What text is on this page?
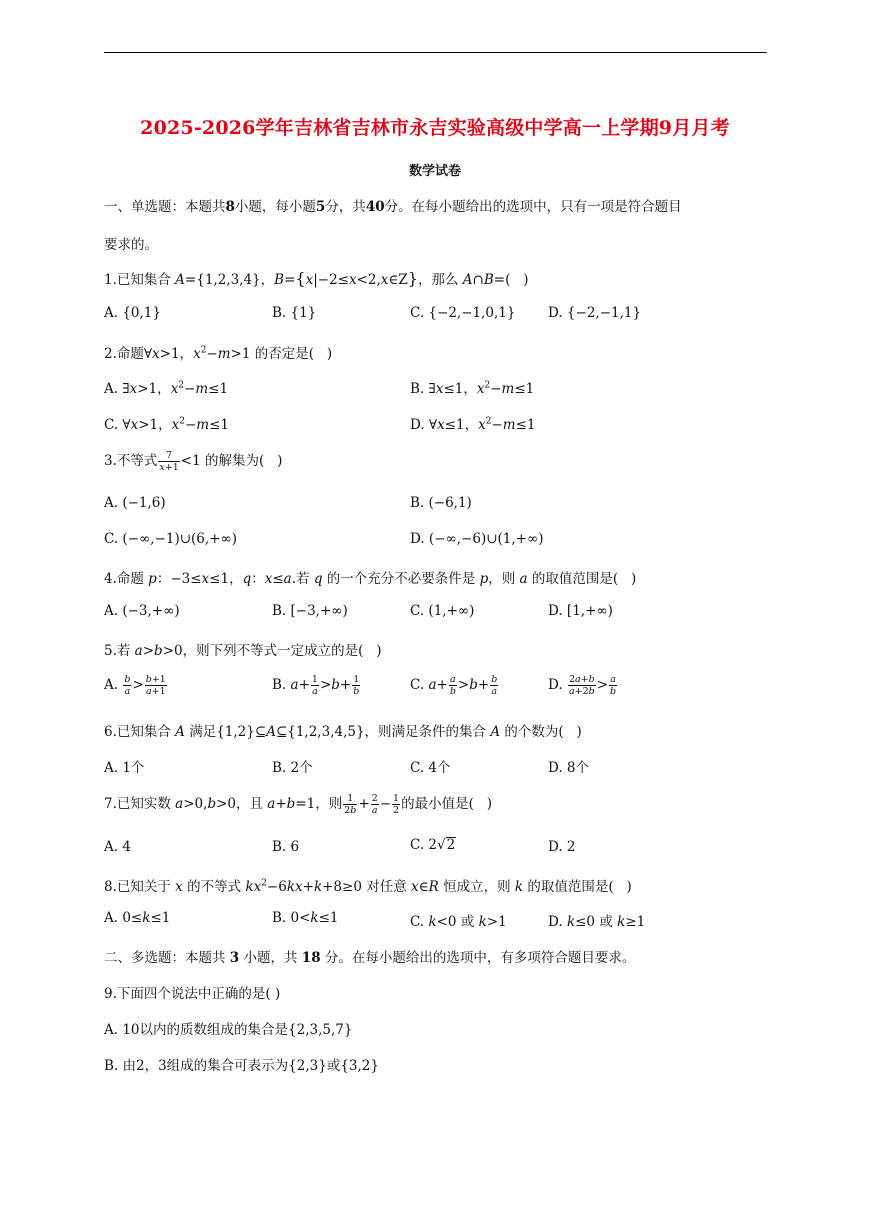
2025-2026学年吉林省吉林市永吉实验高级中学高一上学期9月月考
数学试卷
一、单选题：本题共8小题，每小题5分，共40分。在每小题给出的选项中，只有一项是符合题目
要求的。
1.已知集合 A={1,2,3,4}，B={x|−2≤x<2,x∈Z}，那么 A∩B=(   )
A. {0,1}	B. {1}	C. {−2,−1,0,1} D. {−2,−1,1}
2.命题∀x>1，$x^2-m>1$ 的否定是(   )
A. ∃x>1，$x^2-m\le 1$	B. ∃x≤1，$x^2-m\le 1$
C. ∀x>1，$x^2-m\le 1$	D. ∀x≤1，$x^2-m\le 1$
3.不等式 $\frac{7}{x+1} <1$ 的解集为(   )
A. (−1,6)	B. (−6,1)
C. (−∞,−1)∪(6,+∞)	D. (−∞,−6)∪(1,+∞)
4.命题 p：−3≤x≤1，q：x≤a.若 q 的一个充分不必要条件是 p，则 a 的取值范围是(   )
A. (−3,+∞)	B. [−3,+∞)	C. (1,+∞)	D. [1,+∞)
5.若 a>b>0，则下列不等式一定成立的是(   )
A. $\frac{b}{a} > \frac{b+1}{a+1}$	B. $a+ \frac{1}{a} >b+ \frac{1}{b}$	C. $a+ \frac{a}{b} >b+ \frac{b}{a}$	D. $\frac{2a+b}{a+2b} > \frac{a}{b}$
6.已知集合 A 满足{1,2}⊆A⊆{1,2,3,4,5}，则满足条件的集合 A 的个数为(   )
A. 1个	B. 2个	C. 4个	D. 8个
7.已知实数 a>0,b>0，且 a+b=1，则 $\frac{1}{2b} + \frac{2}{a} - \frac{1}{2}$ 的最小值是(   )
A. 4	B. 6	C. 2√2	D. 2
8.已知关于 x 的不等式 $kx^2-6kx+k+8\ge 0$ 对任意 x∈R 恒成立，则 k 的取值范围是(   )
A. 0≤k≤1	B. 0<k≤1	C. k<0 或 k>1	D. k≤0 或 k≥1
二、多选题：本题共 3 小题，共 18 分。在每小题给出的选项中，有多项符合题目要求。
9.下面四个说法中正确的是( )
A. 10以内的质数组成的集合是{2,3,5,7}
B. 由2，3组成的集合可表示为{2,3}或{3,2}
